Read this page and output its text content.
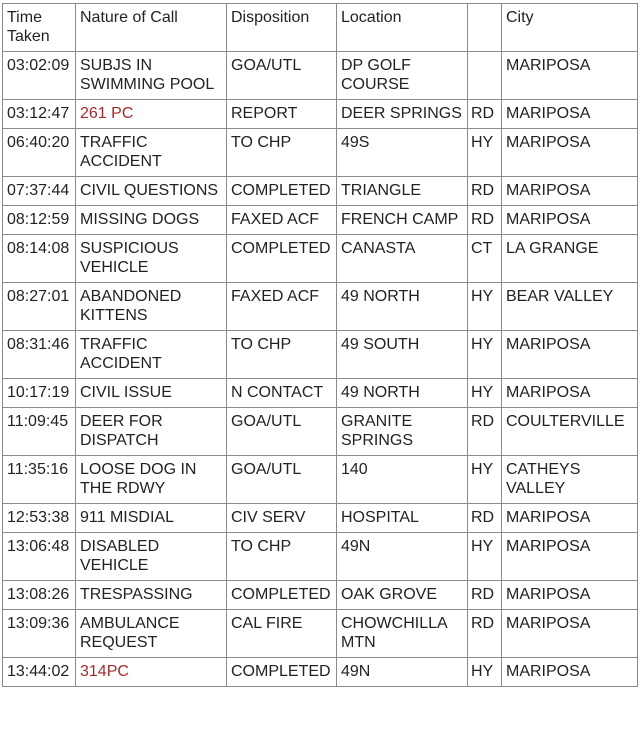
Time Taken	Nature of Call	Disposition	Location		City
03:02:09	SUBJS IN SWIMMING POOL	GOA/UTL	DP GOLF COURSE		MARIPOSA
03:12:47	261 PC	REPORT	DEER SPRINGS	RD	MARIPOSA
06:40:20	TRAFFIC ACCIDENT	TO CHP	49S	HY	MARIPOSA
07:37:44	CIVIL QUESTIONS	COMPLETED	TRIANGLE	RD	MARIPOSA
08:12:59	MISSING DOGS	FAXED ACF	FRENCH CAMP	RD	MARIPOSA
08:14:08	SUSPICIOUS VEHICLE	COMPLETED	CANASTA	CT	LA GRANGE
08:27:01	ABANDONED KITTENS	FAXED ACF	49 NORTH	HY	BEAR VALLEY
08:31:46	TRAFFIC ACCIDENT	TO CHP	49 SOUTH	HY	MARIPOSA
10:17:19	CIVIL ISSUE	N CONTACT	49 NORTH	HY	MARIPOSA
11:09:45	DEER FOR DISPATCH	GOA/UTL	GRANITE SPRINGS	RD	COULTERVILLE
11:35:16	LOOSE DOG IN THE RDWY	GOA/UTL	140	HY	CATHEYS VALLEY
12:53:38	911 MISDIAL	CIV SERV	HOSPITAL	RD	MARIPOSA
13:06:48	DISABLED VEHICLE	TO CHP	49N	HY	MARIPOSA
13:08:26	TRESPASSING	COMPLETED	OAK GROVE	RD	MARIPOSA
13:09:36	AMBULANCE REQUEST	CAL FIRE	CHOWCHILLA MTN	RD	MARIPOSA
13:44:02	314PC	COMPLETED	49N	HY	MARIPOSA
